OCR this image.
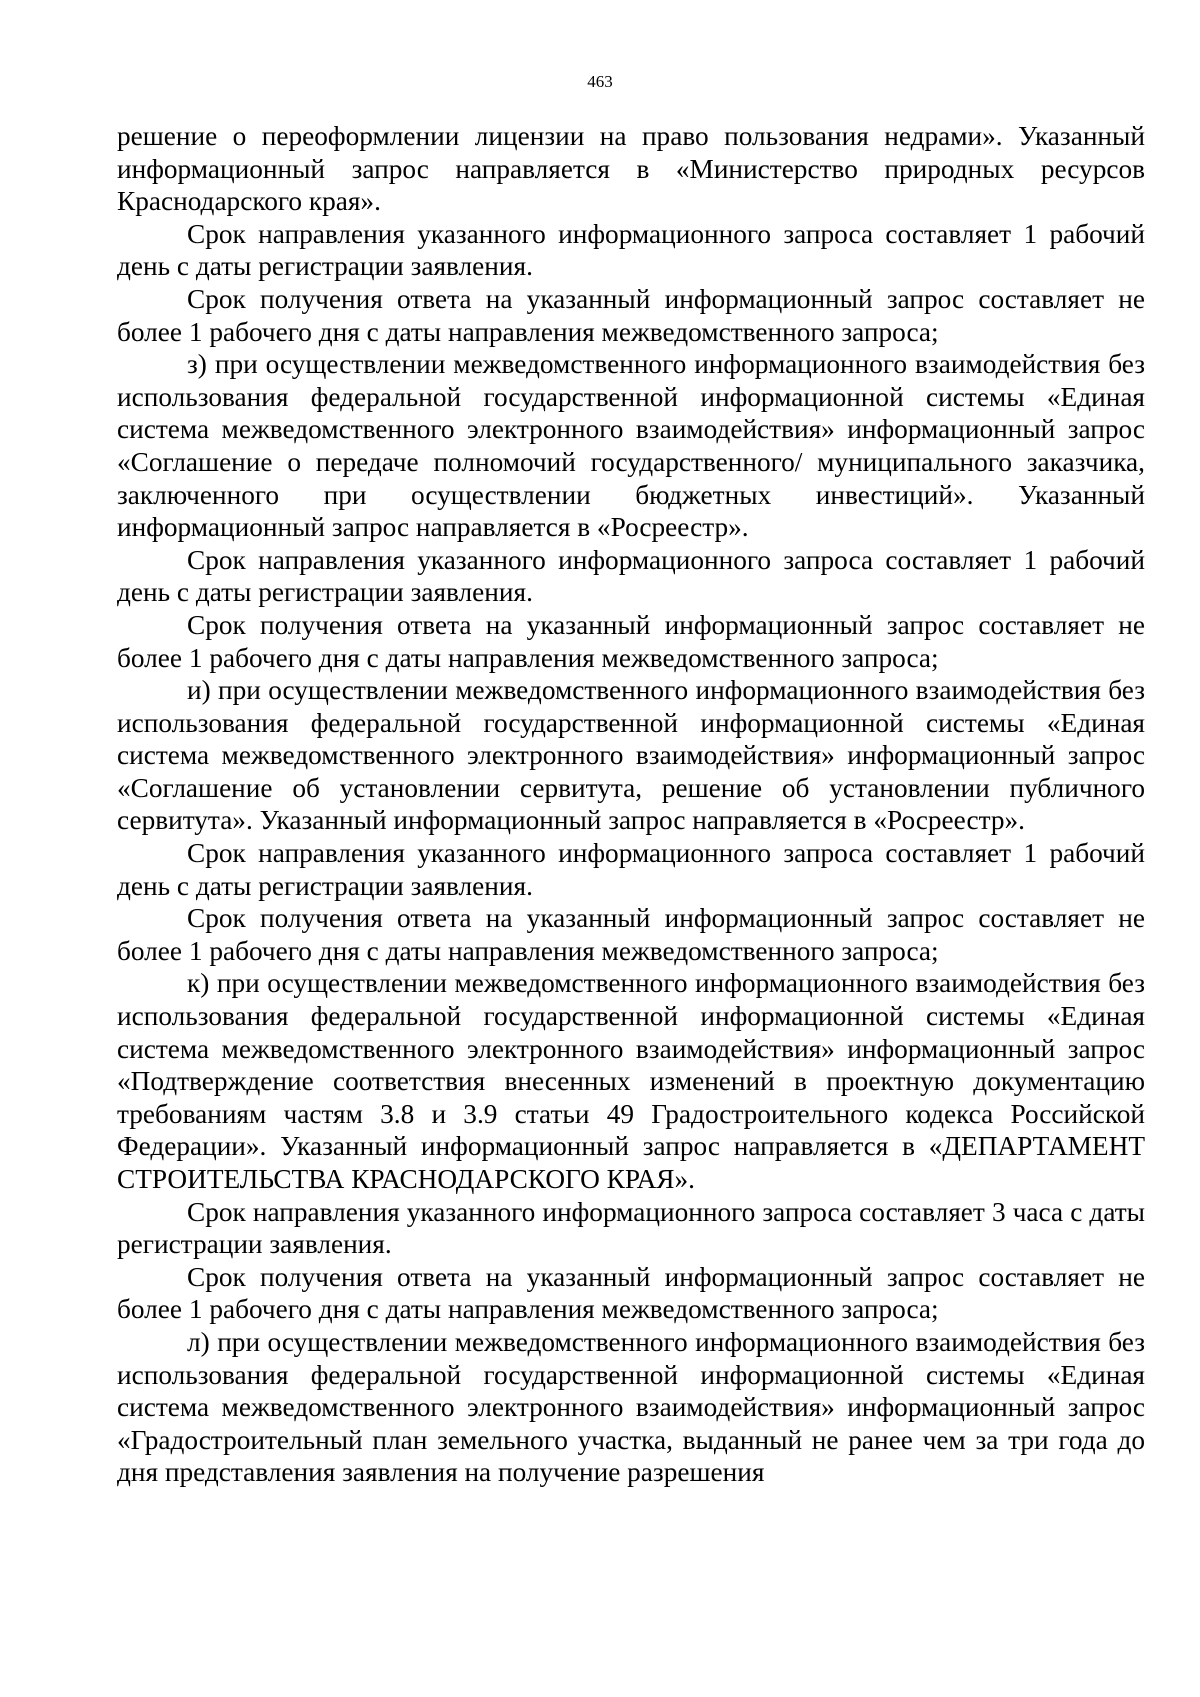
463

решение о переоформлении лицензии на право пользования недрами». Указанный информационный запрос направляется в «Министерство природных ресурсов Краснодарского края».

Срок направления указанного информационного запроса составляет 1 рабочий день с даты регистрации заявления.

Срок получения ответа на указанный информационный запрос составляет не более 1 рабочего дня с даты направления межведомственного запроса;

з) при осуществлении межведомственного информационного взаимодействия без использования федеральной государственной информационной системы «Единая система межведомственного электронного взаимодействия» информационный запрос «Соглашение о передаче полномочий государственного/ муниципального заказчика, заключенного при осуществлении бюджетных инвестиций». Указанный информационный запрос направляется в «Росреестр».

Срок направления указанного информационного запроса составляет 1 рабочий день с даты регистрации заявления.

Срок получения ответа на указанный информационный запрос составляет не более 1 рабочего дня с даты направления межведомственного запроса;

и) при осуществлении межведомственного информационного взаимодействия без использования федеральной государственной информационной системы «Единая система межведомственного электронного взаимодействия» информационный запрос «Соглашение об установлении сервитута, решение об установлении публичного сервитута». Указанный информационный запрос направляется в «Росреестр».

Срок направления указанного информационного запроса составляет 1 рабочий день с даты регистрации заявления.

Срок получения ответа на указанный информационный запрос составляет не более 1 рабочего дня с даты направления межведомственного запроса;

к) при осуществлении межведомственного информационного взаимодействия без использования федеральной государственной информационной системы «Единая система межведомственного электронного взаимодействия» информационный запрос «Подтверждение соответствия внесенных изменений в проектную документацию требованиям частям 3.8 и 3.9 статьи 49 Градостроительного кодекса Российской Федерации». Указанный информационный запрос направляется в «ДЕПАРТАМЕНТ СТРОИТЕЛЬСТВА КРАСНОДАРСКОГО КРАЯ».

Срок направления указанного информационного запроса составляет 3 часа с даты регистрации заявления.

Срок получения ответа на указанный информационный запрос составляет не более 1 рабочего дня с даты направления межведомственного запроса;

л) при осуществлении межведомственного информационного взаимодействия без использования федеральной государственной информационной системы «Единая система межведомственного электронного взаимодействия» информационный запрос «Градостроительный план земельного участка, выданный не ранее чем за три года до дня представления заявления на получение разрешения
